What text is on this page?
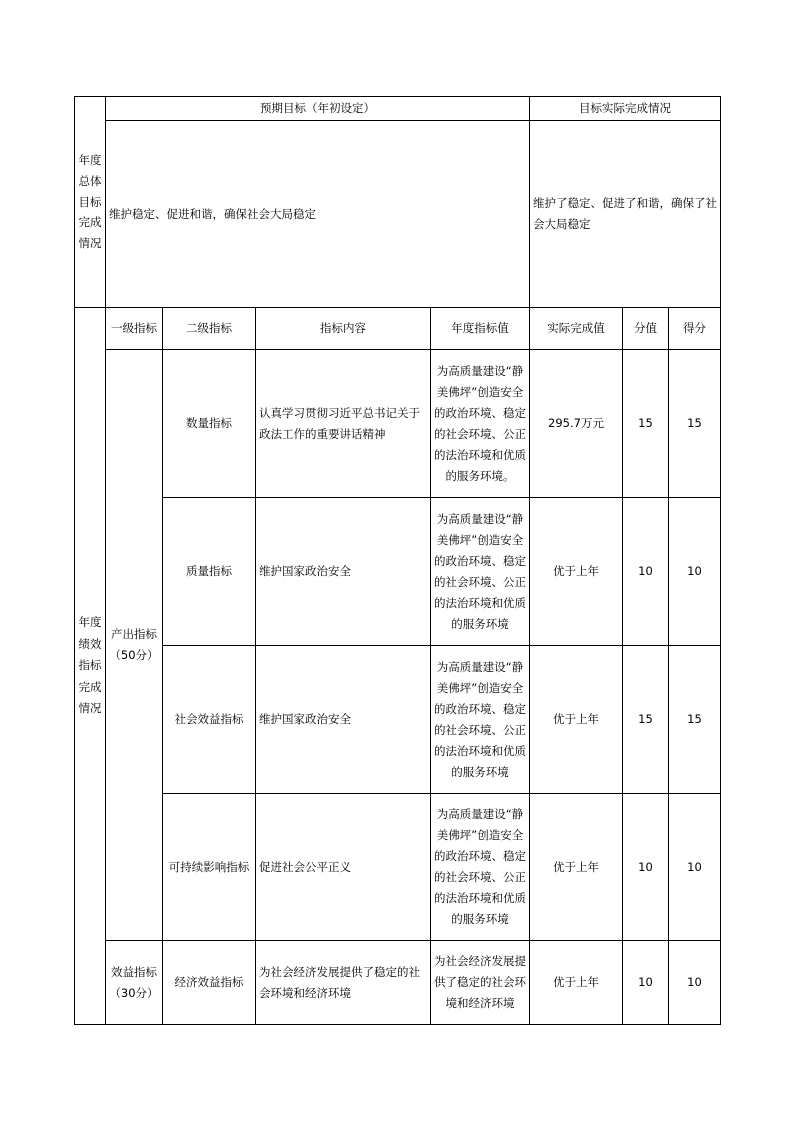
年度总体目标完成情况	预期目标（年初设定）				目标实际完成情况		
	维护稳定、促进和谐，确保社会大局稳定				维护了稳定、促进了和谐，确保了社会大局稳定		

年度绩效指标完成情况	一级指标	二级指标	指标内容	年度指标值	实际完成值	分值	得分
	产出指标（50分）	数量指标	认真学习贯彻习近平总书记关于政法工作的重要讲话精神	为高质量建设“静美佛坪”创造安全的政治环境、稳定的社会环境、公正的法治环境和优质的服务环境。	295.7万元	15	15
		质量指标	维护国家政治安全	为高质量建设“静美佛坪”创造安全的政治环境、稳定的社会环境、公正的法治环境和优质的服务环境	优于上年	10	10
		社会效益指标	维护国家政治安全	为高质量建设“静美佛坪”创造安全的政治环境、稳定的社会环境、公正的法治环境和优质的服务环境	优于上年	15	15
		可持续影响指标	促进社会公平正义	为高质量建设“静美佛坪”创造安全的政治环境、稳定的社会环境、公正的法治环境和优质的服务环境	优于上年	10	10
	效益指标（30分）	经济效益指标	为社会经济发展提供了稳定的社会环境和经济环境	为社会经济发展提供了稳定的社会环境和经济环境	优于上年	10	10
